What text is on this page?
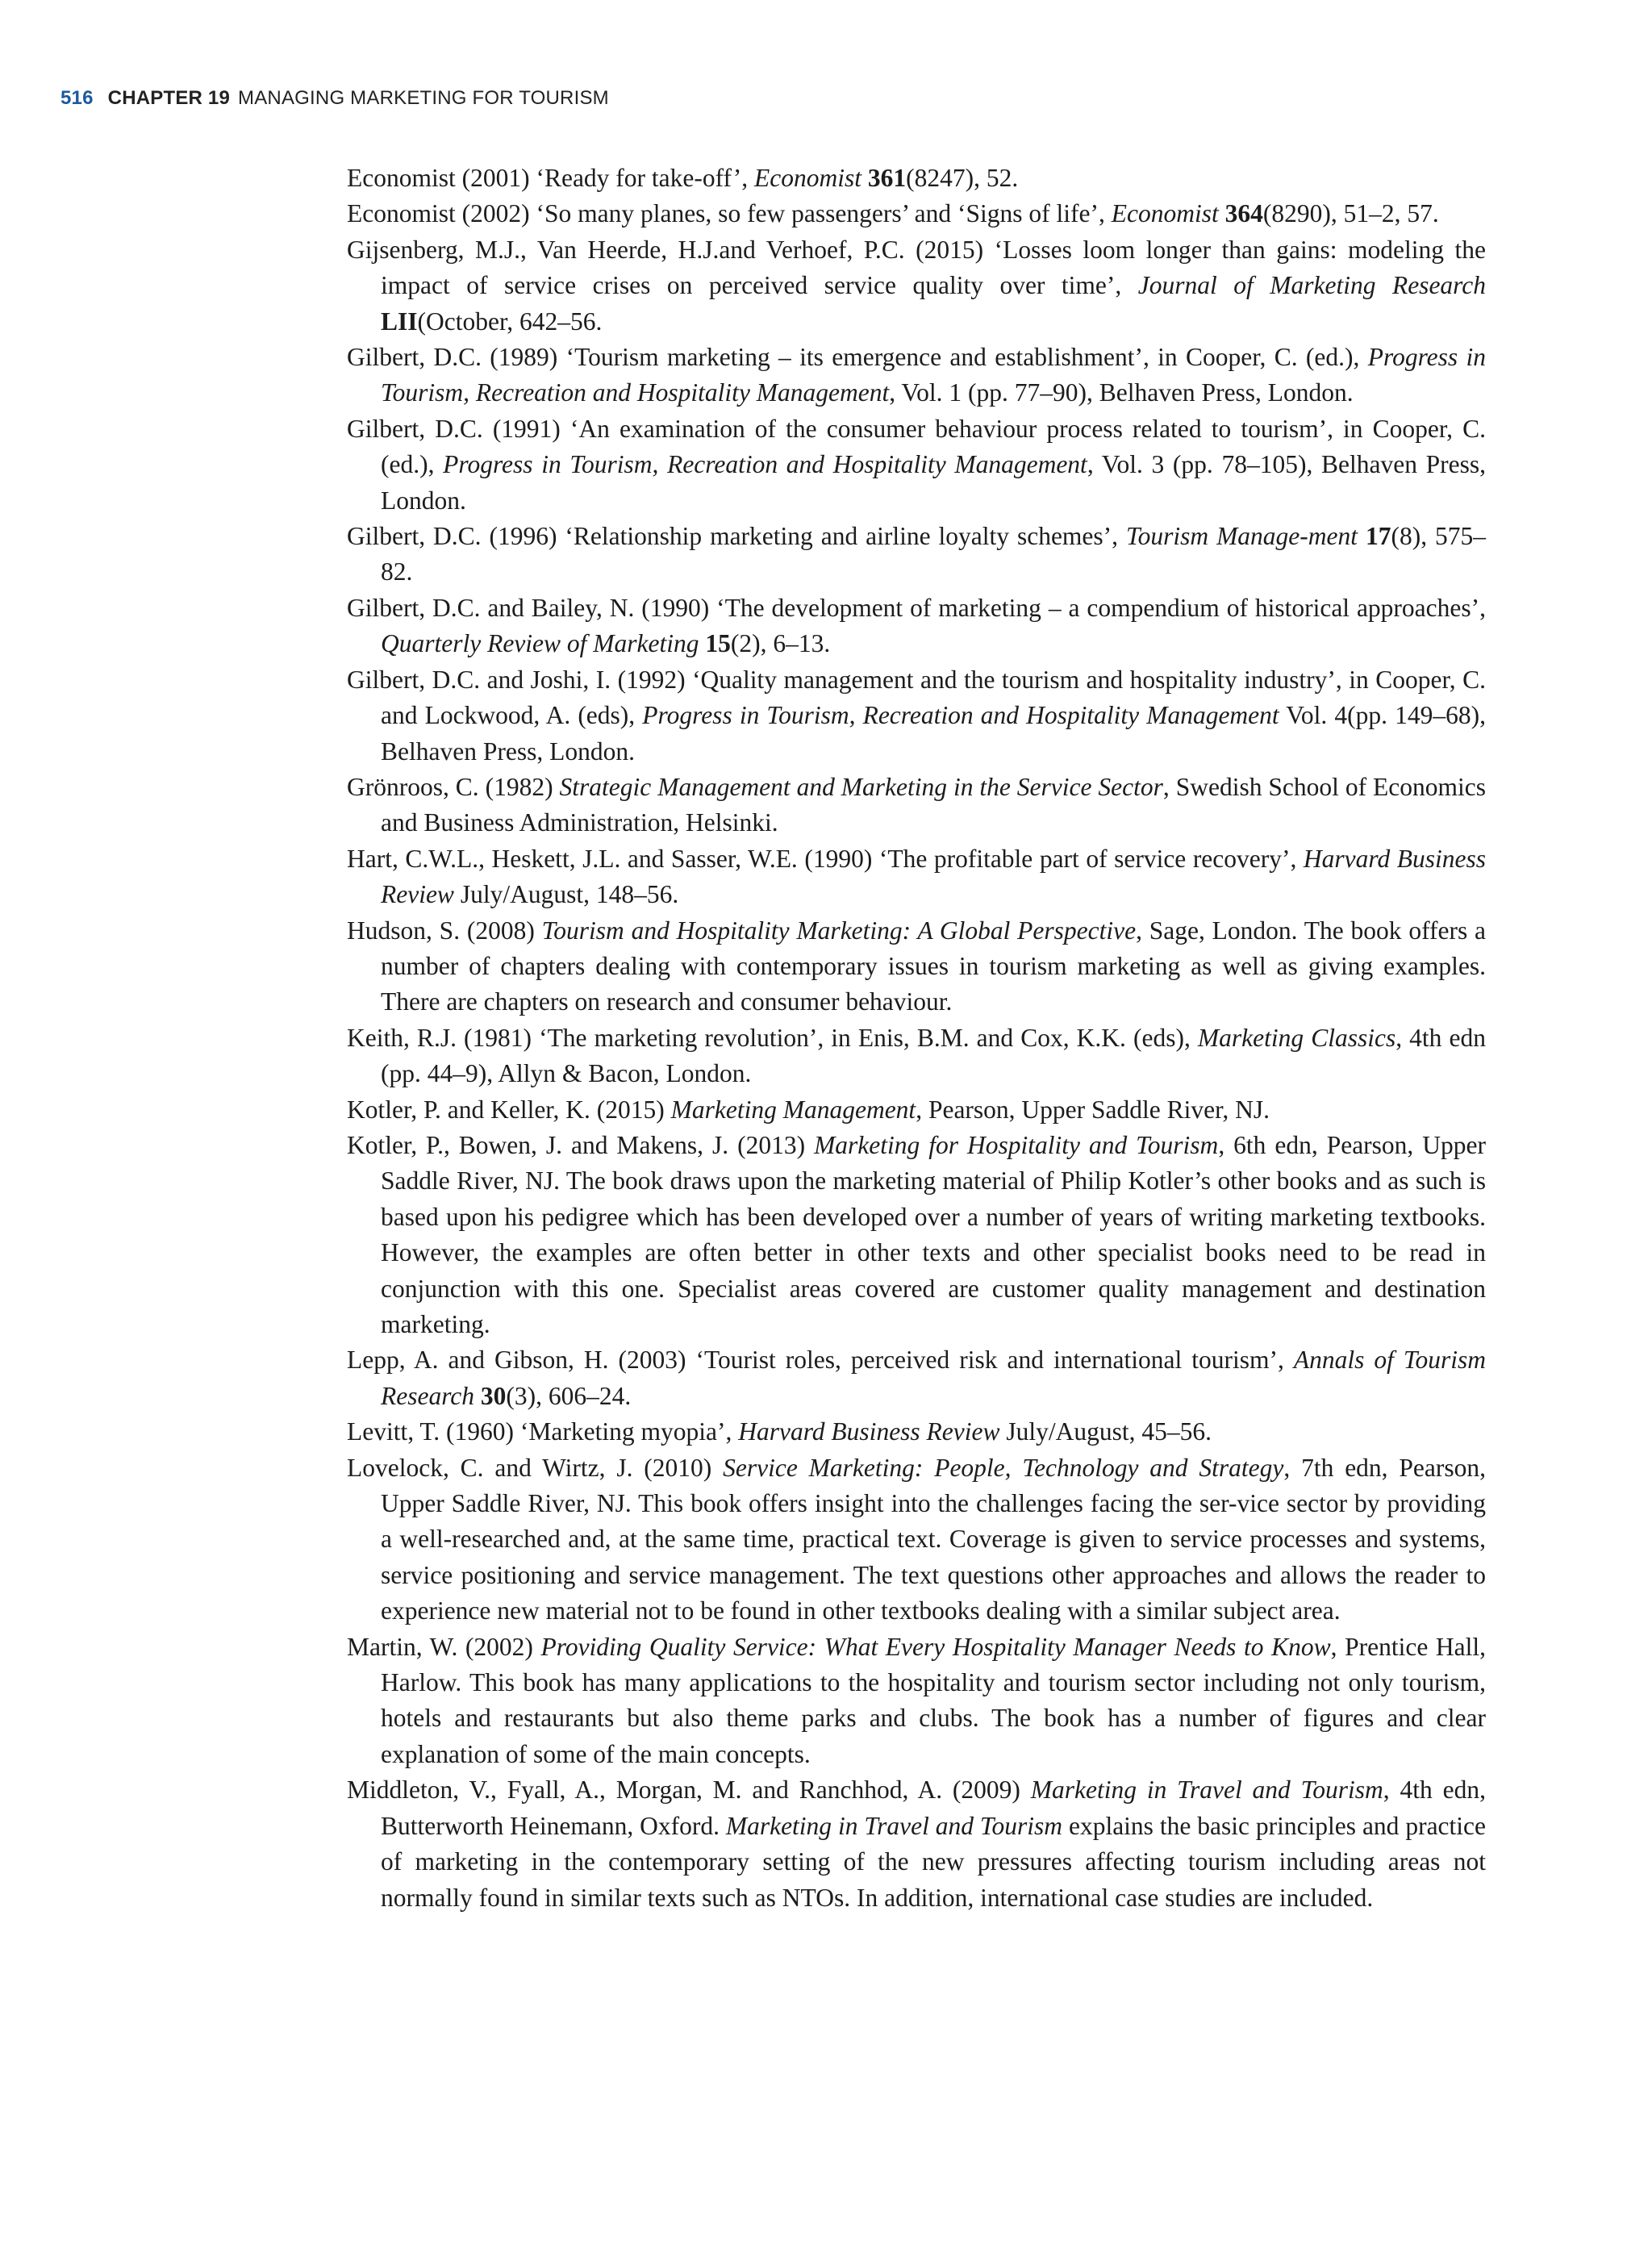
516 CHAPTER 19 MANAGING MARKETING FOR TOURISM

Economist (2001) ‘Ready for take-off’, Economist 361(8247), 52.

Economist (2002) ‘So many planes, so few passengers’ and ‘Signs of life’, Economist 364(8290), 51–2, 57.

Gijsenberg, M.J., Van Heerde, H.J.and Verhoef, P.C. (2015) ‘Losses loom longer than gains: modeling the impact of service crises on perceived service quality over time’, Journal of Marketing Research LII(October, 642–56.

Gilbert, D.C. (1989) ‘Tourism marketing – its emergence and establishment’, in Cooper, C. (ed.), Progress in Tourism, Recreation and Hospitality Management, Vol. 1 (pp. 77–90), Belhaven Press, London.

Gilbert, D.C. (1991) ‘An examination of the consumer behaviour process related to tourism’, in Cooper, C. (ed.), Progress in Tourism, Recreation and Hospitality Management, Vol. 3 (pp. 78–105), Belhaven Press, London.

Gilbert, D.C. (1996) ‘Relationship marketing and airline loyalty schemes’, Tourism Manage-ment 17(8), 575–82.

Gilbert, D.C. and Bailey, N. (1990) ‘The development of marketing – a compendium of historical approaches’, Quarterly Review of Marketing 15(2), 6–13.

Gilbert, D.C. and Joshi, I. (1992) ‘Quality management and the tourism and hospitality industry’, in Cooper, C. and Lockwood, A. (eds), Progress in Tourism, Recreation and Hospitality Management Vol. 4(pp. 149–68), Belhaven Press, London.

Grönroos, C. (1982) Strategic Management and Marketing in the Service Sector, Swedish School of Economics and Business Administration, Helsinki.

Hart, C.W.L., Heskett, J.L. and Sasser, W.E. (1990) ‘The profitable part of service recovery’, Harvard Business Review July/August, 148–56.

Hudson, S. (2008) Tourism and Hospitality Marketing: A Global Perspective, Sage, London. The book offers a number of chapters dealing with contemporary issues in tourism marketing as well as giving examples. There are chapters on research and consumer behaviour.

Keith, R.J. (1981) ‘The marketing revolution’, in Enis, B.M. and Cox, K.K. (eds), Marketing Classics, 4th edn (pp. 44–9), Allyn & Bacon, London.

Kotler, P. and Keller, K. (2015) Marketing Management, Pearson, Upper Saddle River, NJ.

Kotler, P., Bowen, J. and Makens, J. (2013) Marketing for Hospitality and Tourism, 6th edn, Pearson, Upper Saddle River, NJ. The book draws upon the marketing material of Philip Kotler’s other books and as such is based upon his pedigree which has been developed over a number of years of writing marketing textbooks. However, the examples are often better in other texts and other specialist books need to be read in conjunction with this one. Specialist areas covered are customer quality management and destination marketing.

Lepp, A. and Gibson, H. (2003) ‘Tourist roles, perceived risk and international tourism’, Annals of Tourism Research 30(3), 606–24.

Levitt, T. (1960) ‘Marketing myopia’, Harvard Business Review July/August, 45–56.

Lovelock, C. and Wirtz, J. (2010) Service Marketing: People, Technology and Strategy, 7th edn, Pearson, Upper Saddle River, NJ. This book offers insight into the challenges facing the ser-vice sector by providing a well-researched and, at the same time, practical text. Coverage is given to service processes and systems, service positioning and service management. The text questions other approaches and allows the reader to experience new material not to be found in other textbooks dealing with a similar subject area.

Martin, W. (2002) Providing Quality Service: What Every Hospitality Manager Needs to Know, Prentice Hall, Harlow. This book has many applications to the hospitality and tourism sector including not only tourism, hotels and restaurants but also theme parks and clubs. The book has a number of figures and clear explanation of some of the main concepts.

Middleton, V., Fyall, A., Morgan, M. and Ranchhod, A. (2009) Marketing in Travel and Tourism, 4th edn, Butterworth Heinemann, Oxford. Marketing in Travel and Tourism explains the basic principles and practice of marketing in the contemporary setting of the new pressures affecting tourism including areas not normally found in similar texts such as NTOs. In addition, international case studies are included.
